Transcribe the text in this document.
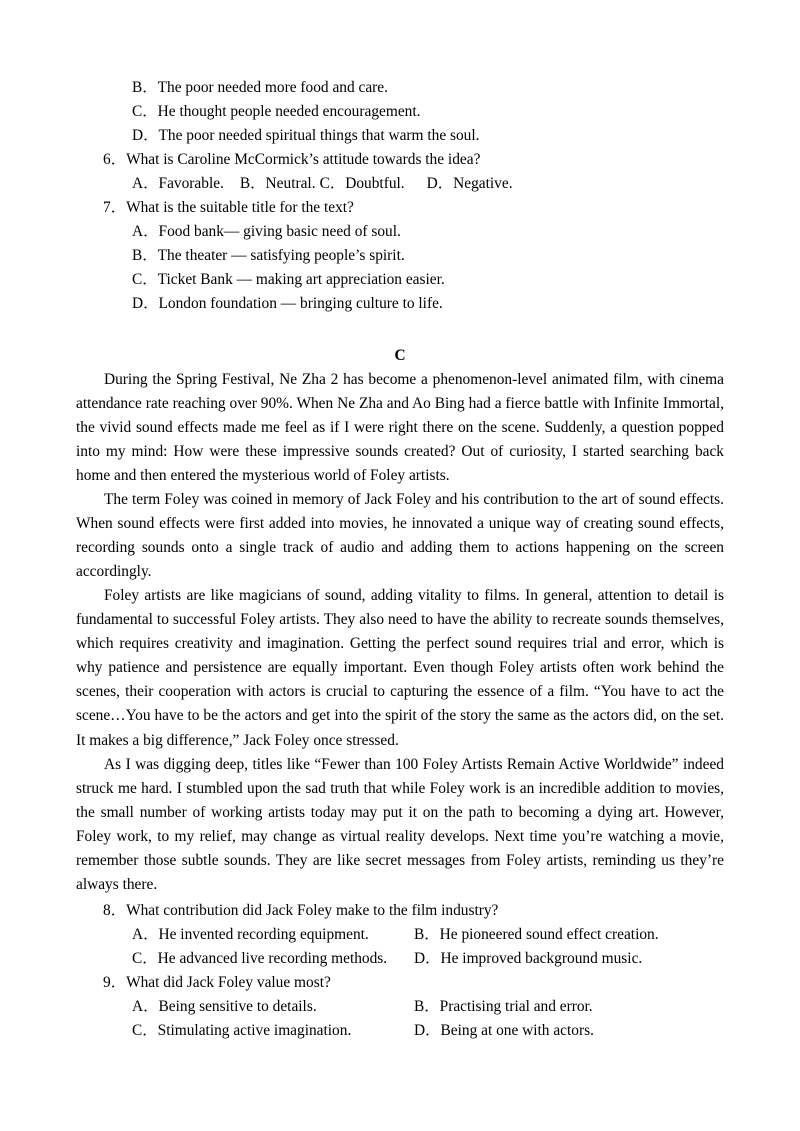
B．The poor needed more food and care.
C．He thought people needed encouragement.
D．The poor needed spiritual things that warm the soul.
6．What is Caroline McCormick’s attitude towards the idea?
A．Favorable. B．Neutral. C．Doubtful. D．Negative.
7．What is the suitable title for the text?
A．Food bank— giving basic need of soul.
B．The theater — satisfying people’s spirit.
C．Ticket Bank — making art appreciation easier.
D．London foundation — bringing culture to life.
C

During the Spring Festival, Ne Zha 2 has become a phenomenon-level animated film, with cinema attendance rate reaching over 90%. When Ne Zha and Ao Bing had a fierce battle with Infinite Immortal, the vivid sound effects made me feel as if I were right there on the scene. Suddenly, a question popped into my mind: How were these impressive sounds created? Out of curiosity, I started searching back home and then entered the mysterious world of Foley artists.

The term Foley was coined in memory of Jack Foley and his contribution to the art of sound effects. When sound effects were first added into movies, he innovated a unique way of creating sound effects, recording sounds onto a single track of audio and adding them to actions happening on the screen accordingly.

Foley artists are like magicians of sound, adding vitality to films. In general, attention to detail is fundamental to successful Foley artists. They also need to have the ability to recreate sounds themselves, which requires creativity and imagination. Getting the perfect sound requires trial and error, which is why patience and persistence are equally important. Even though Foley artists often work behind the scenes, their cooperation with actors is crucial to capturing the essence of a film. “You have to act the scene…You have to be the actors and get into the spirit of the story the same as the actors did, on the set. It makes a big difference,” Jack Foley once stressed.

As I was digging deep, titles like “Fewer than 100 Foley Artists Remain Active Worldwide” indeed struck me hard. I stumbled upon the sad truth that while Foley work is an incredible addition to movies, the small number of working artists today may put it on the path to becoming a dying art. However, Foley work, to my relief, may change as virtual reality develops. Next time you’re watching a movie, remember those subtle sounds. They are like secret messages from Foley artists, reminding us they’re always there.

8．What contribution did Jack Foley make to the film industry?
A．He invented recording equipment.	B．He pioneered sound effect creation.
C．He advanced live recording methods. D．He improved background music.
9．What did Jack Foley value most?
A．Being sensitive to details.	B．Practising trial and error.
C．Stimulating active imagination.	D．Being at one with actors.
